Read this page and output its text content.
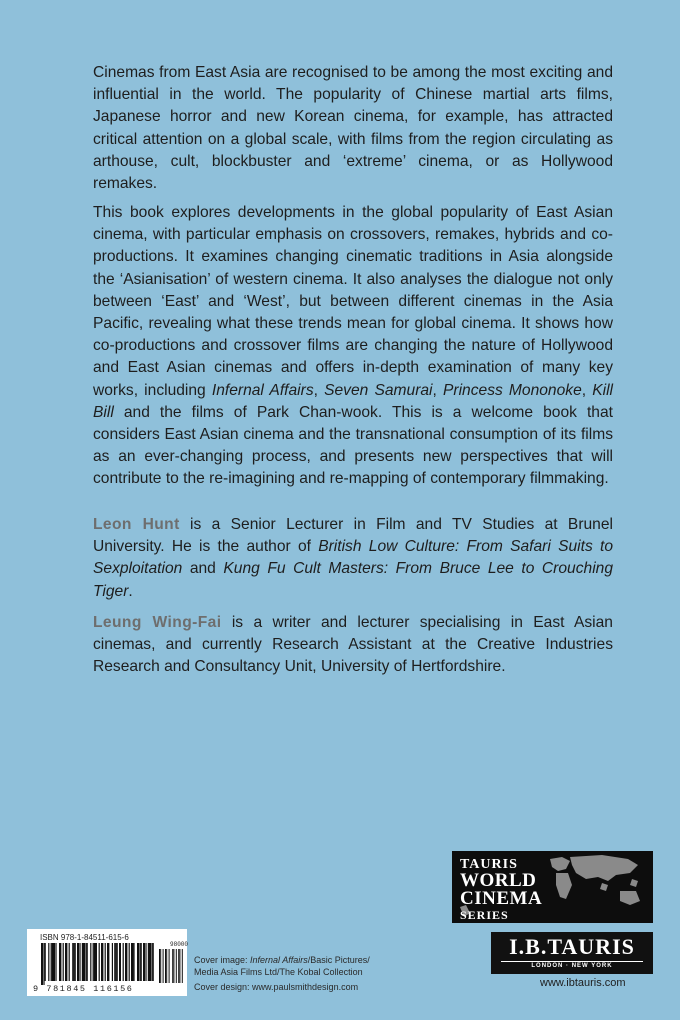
Cinemas from East Asia are recognised to be among the most exciting and influential in the world. The popularity of Chinese martial arts films, Japanese horror and new Korean cinema, for example, has attracted critical attention on a global scale, with films from the region circulating as arthouse, cult, blockbuster and ‘extreme’ cinema, or as Hollywood remakes.

This book explores developments in the global popularity of East Asian cinema, with particular emphasis on crossovers, remakes, hybrids and co-productions. It examines changing cinematic traditions in Asia alongside the ‘Asianisation’ of western cinema. It also analyses the dialogue not only between ‘East’ and ‘West’, but between different cinemas in the Asia Pacific, revealing what these trends mean for global cinema. It shows how co-productions and crossover films are changing the nature of Hollywood and East Asian cinemas and offers in-depth examination of many key works, including Infernal Affairs, Seven Samurai, Princess Mononoke, Kill Bill and the films of Park Chan-wook. This is a welcome book that considers East Asian cinema and the transnational consumption of its films as an ever-changing process, and presents new perspectives that will contribute to the re-imagining and re-mapping of contemporary filmmaking.

Leon Hunt is a Senior Lecturer in Film and TV Studies at Brunel University. He is the author of British Low Culture: From Safari Suits to Sexploitation and Kung Fu Cult Masters: From Bruce Lee to Crouching Tiger.

Leung Wing-Fai is a writer and lecturer specialising in East Asian cinemas, and currently Research Assistant at the Creative Industries Research and Consultancy Unit, University of Hertfordshire.

TAURIS
WORLD
CINEMA
SERIES
I.B.TAURIS
LONDON · NEW YORK
www.ibtauris.com
ISBN 978-1-84511-615-6
98000
9 781845 116156
Cover image: Infernal Affairs/Basic Pictures/
Media Asia Films Ltd/The Kobal Collection
Cover design: www.paulsmithdesign.com
